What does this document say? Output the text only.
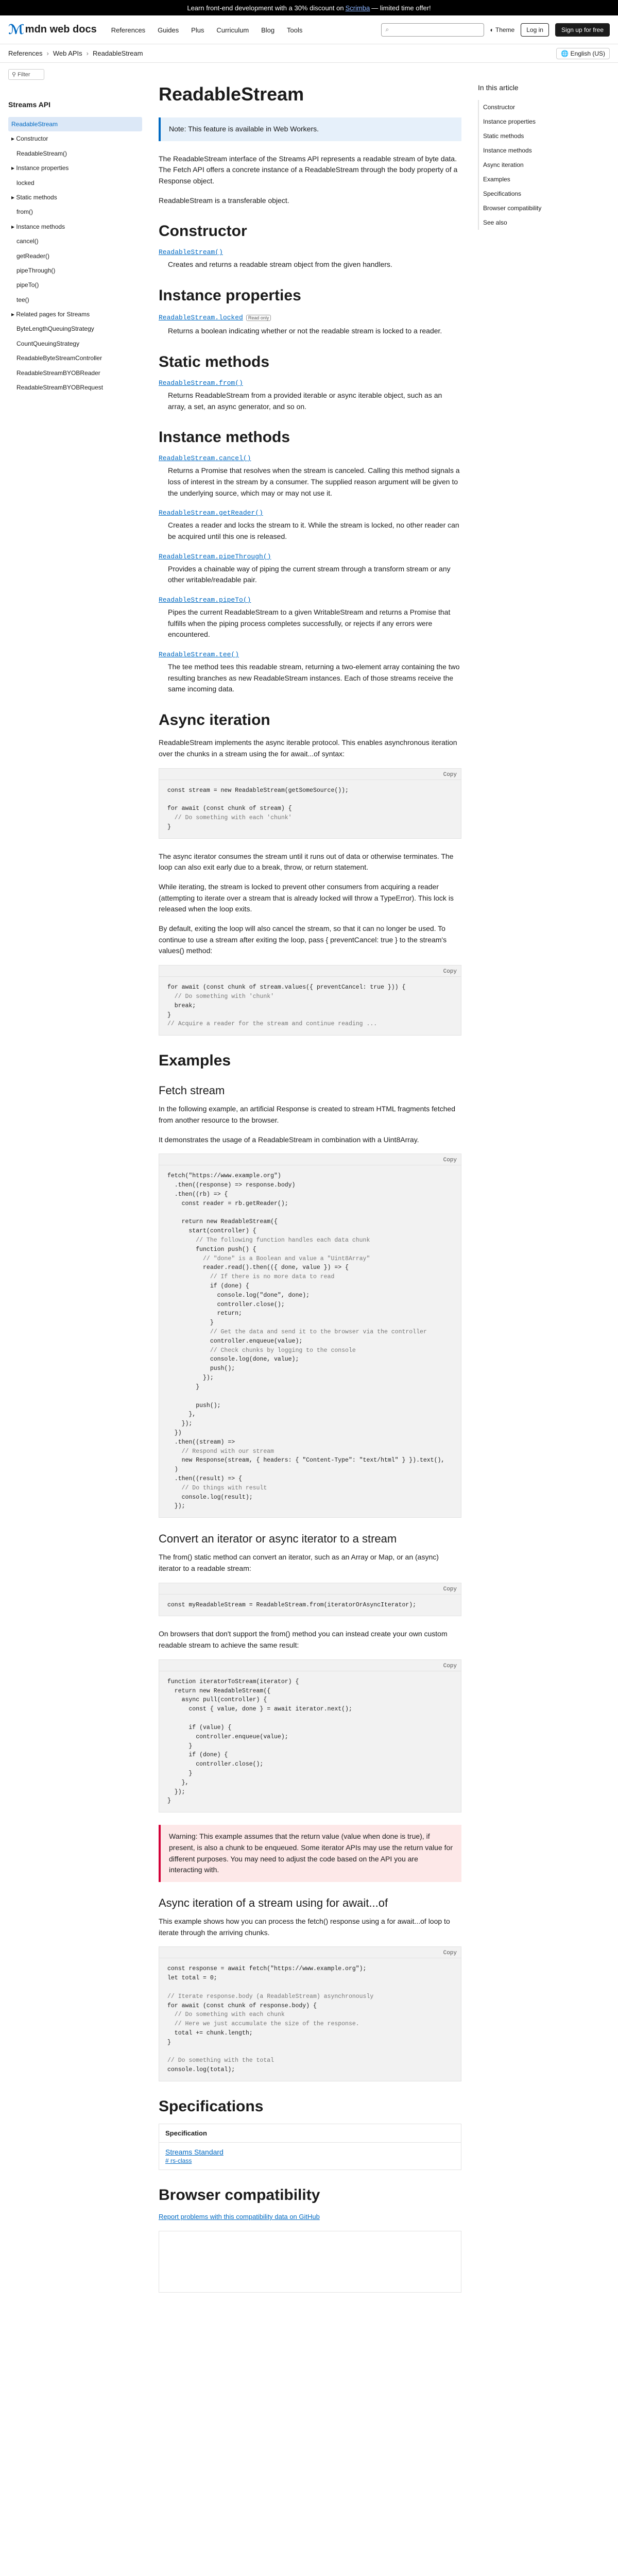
Learn front-end development with a 30% discount on Scrimba — limited time offer!
ℳ mdn web docs References Guides Plus Curriculum Blog Tools	⌕	◐ Theme	Log in	Sign up for free
References › Web APIs › ReadableStream	🌐 English (US)
⚲ Filter
Streams API
ReadableStream
▸ Constructor
ReadableStream()
▸ Instance properties
locked
▸ Static methods
from()
▸ Instance methods
cancel()
getReader()
pipeThrough()
pipeTo()
tee()
▸ Related pages for Streams
ByteLengthQueuingStrategy
CountQueuingStrategy
ReadableByteStreamController
ReadableStreamBYOBReader
ReadableStreamBYOBRequest
ReadableStream

Note: This feature is available in Web Workers.

The ReadableStream interface of the Streams API represents a readable stream of byte data. The Fetch API offers a concrete instance of a ReadableStream through the body property of a Response object.

ReadableStream is a transferable object.

Constructor
ReadableStream()
Creates and returns a readable stream object from the given handlers.
Instance properties
ReadableStream.locked Read only
Returns a boolean indicating whether or not the readable stream is locked to a reader.
Static methods
ReadableStream.from()
Returns ReadableStream from a provided iterable or async iterable object, such as an array, a set, an async generator, and so on.
Instance methods
ReadableStream.cancel()
Returns a Promise that resolves when the stream is canceled. Calling this method signals a loss of interest in the stream by a consumer. The supplied reason argument will be given to the underlying source, which may or may not use it.
ReadableStream.getReader()
Creates a reader and locks the stream to it. While the stream is locked, no other reader can be acquired until this one is released.
ReadableStream.pipeThrough()
Provides a chainable way of piping the current stream through a transform stream or any other writable/readable pair.
ReadableStream.pipeTo()
Pipes the current ReadableStream to a given WritableStream and returns a Promise that fulfills when the piping process completes successfully, or rejects if any errors were encountered.
ReadableStream.tee()
The tee method tees this readable stream, returning a two-element array containing the two resulting branches as new ReadableStream instances. Each of those streams receive the same incoming data.
Async iteration

ReadableStream implements the async iterable protocol. This enables asynchronous iteration over the chunks in a stream using the for await...of syntax:

Copy
const stream = new ReadableStream(getSomeSource());

for await (const chunk of stream) {
// Do something with each 'chunk'
}

The async iterator consumes the stream until it runs out of data or otherwise terminates. The loop can also exit early due to a break, throw, or return statement.

While iterating, the stream is locked to prevent other consumers from acquiring a reader (attempting to iterate over a stream that is already locked will throw a TypeError). This lock is released when the loop exits.

By default, exiting the loop will also cancel the stream, so that it can no longer be used. To continue to use a stream after exiting the loop, pass { preventCancel: true } to the stream's values() method:

Copy
for await (const chunk of stream.values({ preventCancel: true })) {
// Do something with 'chunk'
break;
}
// Acquire a reader for the stream and continue reading ...
Examples
Fetch stream

In the following example, an artificial Response is created to stream HTML fragments fetched from another resource to the browser.

It demonstrates the usage of a ReadableStream in combination with a Uint8Array.

Copy
fetch("https://www.example.org")
.then((response) => response.body)
.then((rb) => {
const reader = rb.getReader();

return new ReadableStream({
start(controller) {
// The following function handles each data chunk
function push() {
// "done" is a Boolean and value a "Uint8Array"
reader.read().then(({ done, value }) => {
// If there is no more data to read
if (done) {
console.log("done", done);
controller.close();
return;
}
// Get the data and send it to the browser via the controller
controller.enqueue(value);
// Check chunks by logging to the console
console.log(done, value);
push();
});
}

push();
},
});
})
.then((stream) =>
// Respond with our stream
new Response(stream, { headers: { "Content-Type": "text/html" } }).text(),
)
.then((result) => {
// Do things with result
console.log(result);
});
Convert an iterator or async iterator to a stream

The from() static method can convert an iterator, such as an Array or Map, or an (async) iterator to a readable stream:

Copy
const myReadableStream = ReadableStream.from(iteratorOrAsyncIterator);

On browsers that don't support the from() method you can instead create your own custom readable stream to achieve the same result:

Copy
function iteratorToStream(iterator) {
return new ReadableStream({
async pull(controller) {
const { value, done } = await iterator.next();

if (value) {
controller.enqueue(value);
}
if (done) {
controller.close();
}
},
});
}

Warning: This example assumes that the return value (value when done is true), if present, is also a chunk to be enqueued. Some iterator APIs may use the return value for different purposes. You may need to adjust the code based on the API you are interacting with.

Async iteration of a stream using for await...of

This example shows how you can process the fetch() response using a for await...of loop to iterate through the arriving chunks.

Copy
const response = await fetch("https://www.example.org");
let total = 0;

// Iterate response.body (a ReadableStream) asynchronously
for await (const chunk of response.body) {
// Do something with each chunk
// Here we just accumulate the size of the response.
total += chunk.length;
}

// Do something with the total
console.log(total);
Specifications
Specification
Streams Standard
# rs-class
Browser compatibility
Report problems with this compatibility data on GitHub
In this article
Constructor
Instance properties
Static methods
Instance methods
Async iteration
Examples
Specifications
Browser compatibility
See also
